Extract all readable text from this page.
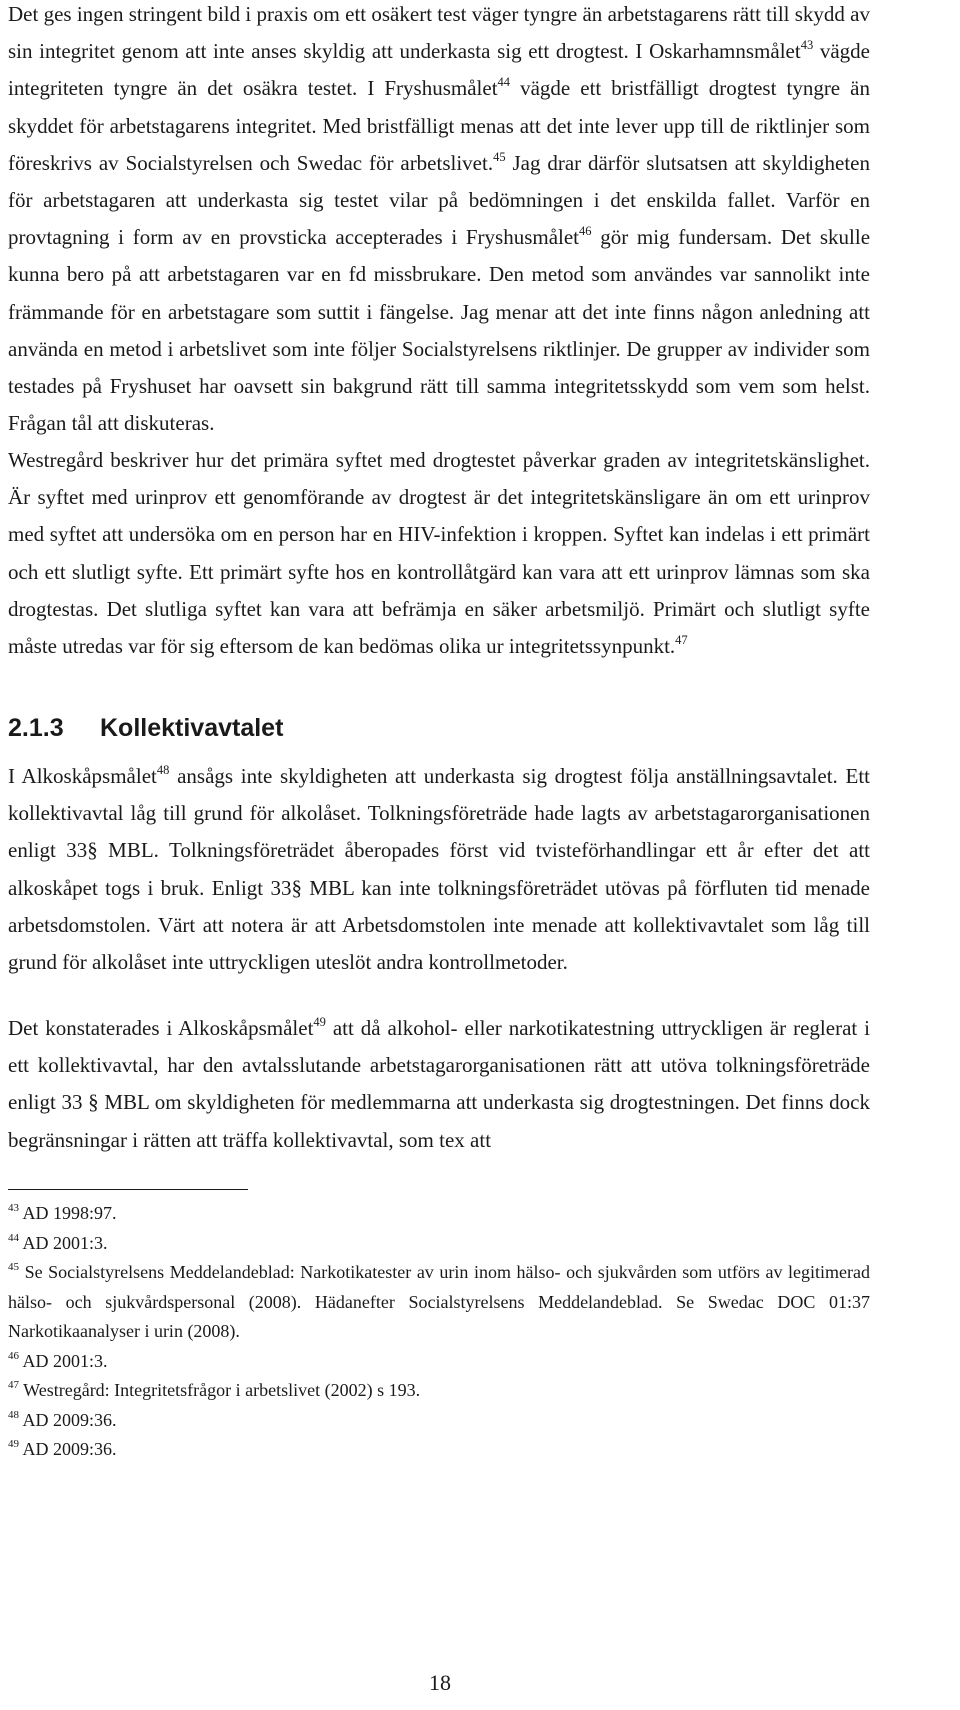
Det ges ingen stringent bild i praxis om ett osäkert test väger tyngre än arbetstagarens rätt till skydd av sin integritet genom att inte anses skyldig att underkasta sig ett drogtest. I Oskarhamnsmålet$^{43}$ vägde integriteten tyngre än det osäkra testet. I Fryshusmålet$^{44}$ vägde ett bristfälligt drogtest tyngre än skyddet för arbetstagarens integritet. Med bristfälligt menas att det inte lever upp till de riktlinjer som föreskrivs av Socialstyrelsen och Swedac för arbetslivet.$^{45}$ Jag drar därför slutsatsen att skyldigheten för arbetstagaren att underkasta sig testet vilar på bedömningen i det enskilda fallet. Varför en provtagning i form av en provsticka accepterades i Fryshusmålet$^{46}$ gör mig fundersam. Det skulle kunna bero på att arbetstagaren var en fd missbrukare. Den metod som användes var sannolikt inte främmande för en arbetstagare som suttit i fängelse. Jag menar att det inte finns någon anledning att använda en metod i arbetslivet som inte följer Socialstyrelsens riktlinjer. De grupper av individer som testades på Fryshuset har oavsett sin bakgrund rätt till samma integritetsskydd som vem som helst. Frågan tål att diskuteras.

Westregård beskriver hur det primära syftet med drogtestet påverkar graden av integritetskänslighet. Är syftet med urinprov ett genomförande av drogtest är det integritetskänsligare än om ett urinprov med syftet att undersöka om en person har en HIV-infektion i kroppen. Syftet kan indelas i ett primärt och ett slutligt syfte. Ett primärt syfte hos en kontrollåtgärd kan vara att ett urinprov lämnas som ska drogtestas. Det slutliga syftet kan vara att befrämja en säker arbetsmiljö. Primärt och slutligt syfte måste utredas var för sig eftersom de kan bedömas olika ur integritetssynpunkt.$^{47}$

2.1.3 Kollektivavtalet

I Alkoskåpsmålet$^{48}$ ansågs inte skyldigheten att underkasta sig drogtest följa anställningsavtalet. Ett kollektivavtal låg till grund för alkolåset. Tolkningsföreträde hade lagts av arbetstagarorganisationen enligt 33§ MBL. Tolkningsföreträdet åberopades först vid tvisteförhandlingar ett år efter det att alkoskåpet togs i bruk. Enligt 33§ MBL kan inte tolkningsföreträdet utövas på förfluten tid menade arbetsdomstolen. Värt att notera är att Arbetsdomstolen inte menade att kollektivavtalet som låg till grund för alkolåset inte uttryckligen uteslöt andra kontrollmetoder.

Det konstaterades i Alkoskåpsmålet$^{49}$ att då alkohol- eller narkotikatestning uttryckligen är reglerat i ett kollektivavtal, har den avtalsslutande arbetstagarorganisationen rätt att utöva tolkningsföreträde enligt 33 § MBL om skyldigheten för medlemmarna att underkasta sig drogtestningen. Det finns dock begränsningar i rätten att träffa kollektivavtal, som tex att

$^{43}$ AD 1998:97.

$^{44}$ AD 2001:3.

$^{45}$ Se Socialstyrelsens Meddelandeblad: Narkotikatester av urin inom hälso- och sjukvården som utförs av legitimerad hälso- och sjukvårdspersonal (2008). Hädanefter Socialstyrelsens Meddelandeblad. Se Swedac DOC 01:37 Narkotikaanalyser i urin (2008).

$^{46}$ AD 2001:3.

$^{47}$ Westregård: Integritetsfrågor i arbetslivet (2002) s 193.

$^{48}$ AD 2009:36.

$^{49}$ AD 2009:36.

18
